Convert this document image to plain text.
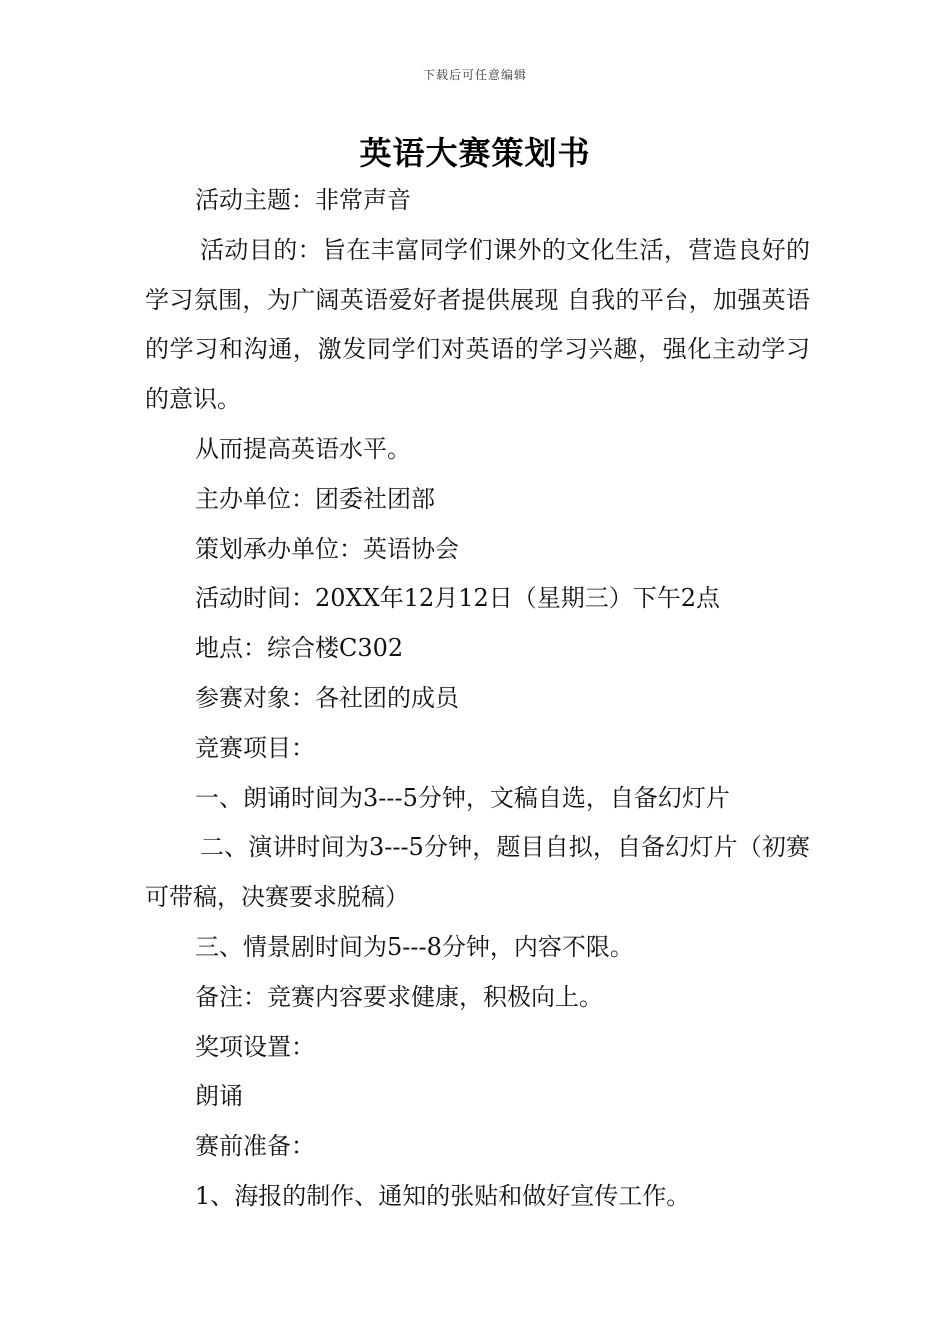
下载后可任意编辑
英语大赛策划书

活动主题：非常声音

活动目的：旨在丰富同学们课外的文化生活，营造良好的学习氛围，为广阔英语爱好者提供展现 自我的平台，加强英语的学习和沟通，激发同学们对英语的学习兴趣，强化主动学习的意识。

从而提高英语水平。

主办单位：团委社团部

策划承办单位：英语协会

活动时间：20XX年12月12日（星期三）下午2点

地点：综合楼C302

参赛对象：各社团的成员

竞赛项目：

一、朗诵时间为3---5分钟，文稿自选，自备幻灯片

二、演讲时间为3---5分钟，题目自拟，自备幻灯片（初赛可带稿，决赛要求脱稿）

三、情景剧时间为5---8分钟，内容不限。

备注：竞赛内容要求健康，积极向上。

奖项设置：

朗诵

赛前准备：

1、海报的制作、通知的张贴和做好宣传工作。
